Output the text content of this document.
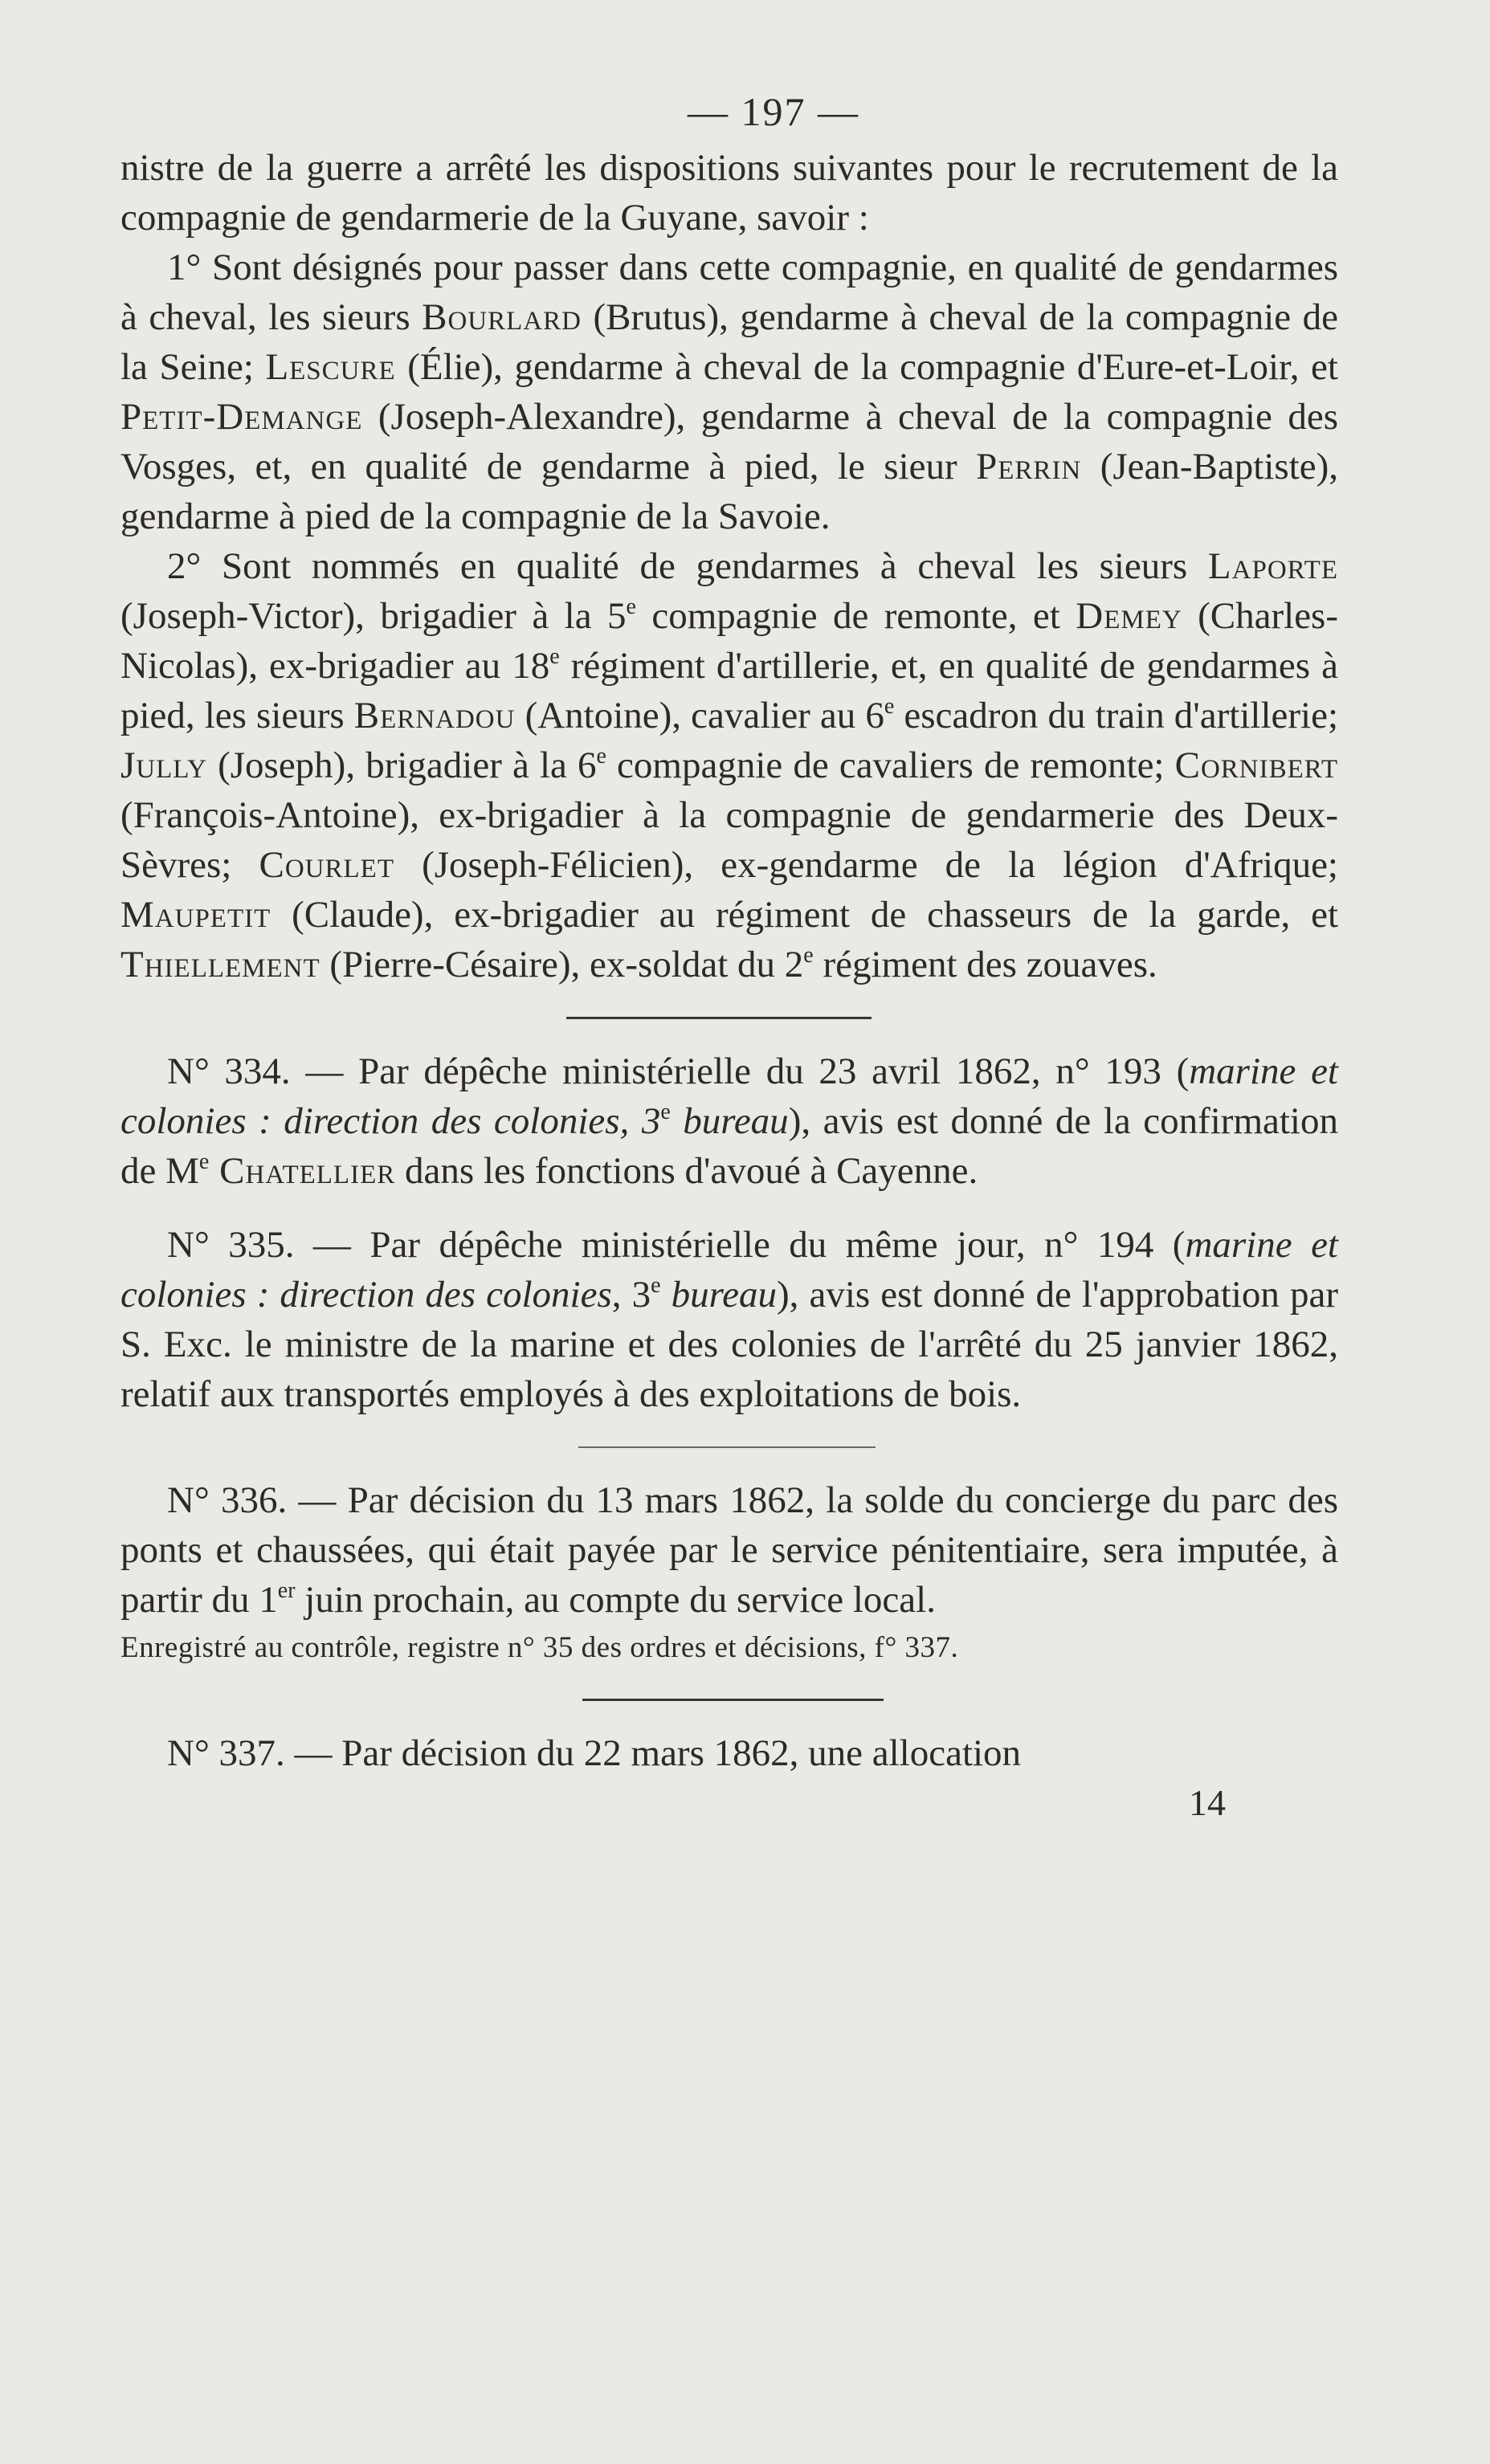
— 197 —

nistre de la guerre a arrêté les dispositions suivantes pour le recrutement de la compagnie de gendarmerie de la Guyane, savoir :

1° Sont désignés pour passer dans cette compagnie, en qualité de gendarmes à cheval, les sieurs Bourlard (Brutus), gendarme à cheval de la compagnie de la Seine; Lescure (Élie), gendarme à cheval de la compagnie d'Eure-et-Loir, et Petit-Demange (Joseph-Alexandre), gendarme à cheval de la compagnie des Vosges, et, en qualité de gendarme à pied, le sieur Perrin (Jean-Baptiste), gendarme à pied de la compagnie de la Savoie.

2° Sont nommés en qualité de gendarmes à cheval les sieurs Laporte (Joseph-Victor), brigadier à la 5e compagnie de remonte, et Demey (Charles-Nicolas), ex-brigadier au 18e régiment d'artillerie, et, en qualité de gendarmes à pied, les sieurs Bernadou (Antoine), cavalier au 6e escadron du train d'artillerie; Jully (Joseph), brigadier à la 6e compagnie de cavaliers de remonte; Cornibert (François-Antoine), ex-brigadier à la compagnie de gendarmerie des Deux-Sèvres; Courlet (Joseph-Félicien), ex-gendarme de la légion d'Afrique; Maupetit (Claude), ex-brigadier au régiment de chasseurs de la garde, et Thiellement (Pierre-Césaire), ex-soldat du 2e régiment des zouaves.

N° 334. — Par dépêche ministérielle du 23 avril 1862, n° 193 (marine et colonies : direction des colonies, 3e bureau), avis est donné de la confirmation de Me Chatellier dans les fonctions d'avoué à Cayenne.

N° 335. — Par dépêche ministérielle du même jour, n° 194 (marine et colonies : direction des colonies, 3e bureau), avis est donné de l'approbation par S. Exc. le ministre de la marine et des colonies de l'arrêté du 25 janvier 1862, relatif aux transportés employés à des exploitations de bois.

N° 336. — Par décision du 13 mars 1862, la solde du concierge du parc des ponts et chaussées, qui était payée par le service pénitentiaire, sera imputée, à partir du 1er juin prochain, au compte du service local.

Enregistré au contrôle, registre n° 35 des ordres et décisions, f° 337.

N° 337. — Par décision du 22 mars 1862, une allocation

14
